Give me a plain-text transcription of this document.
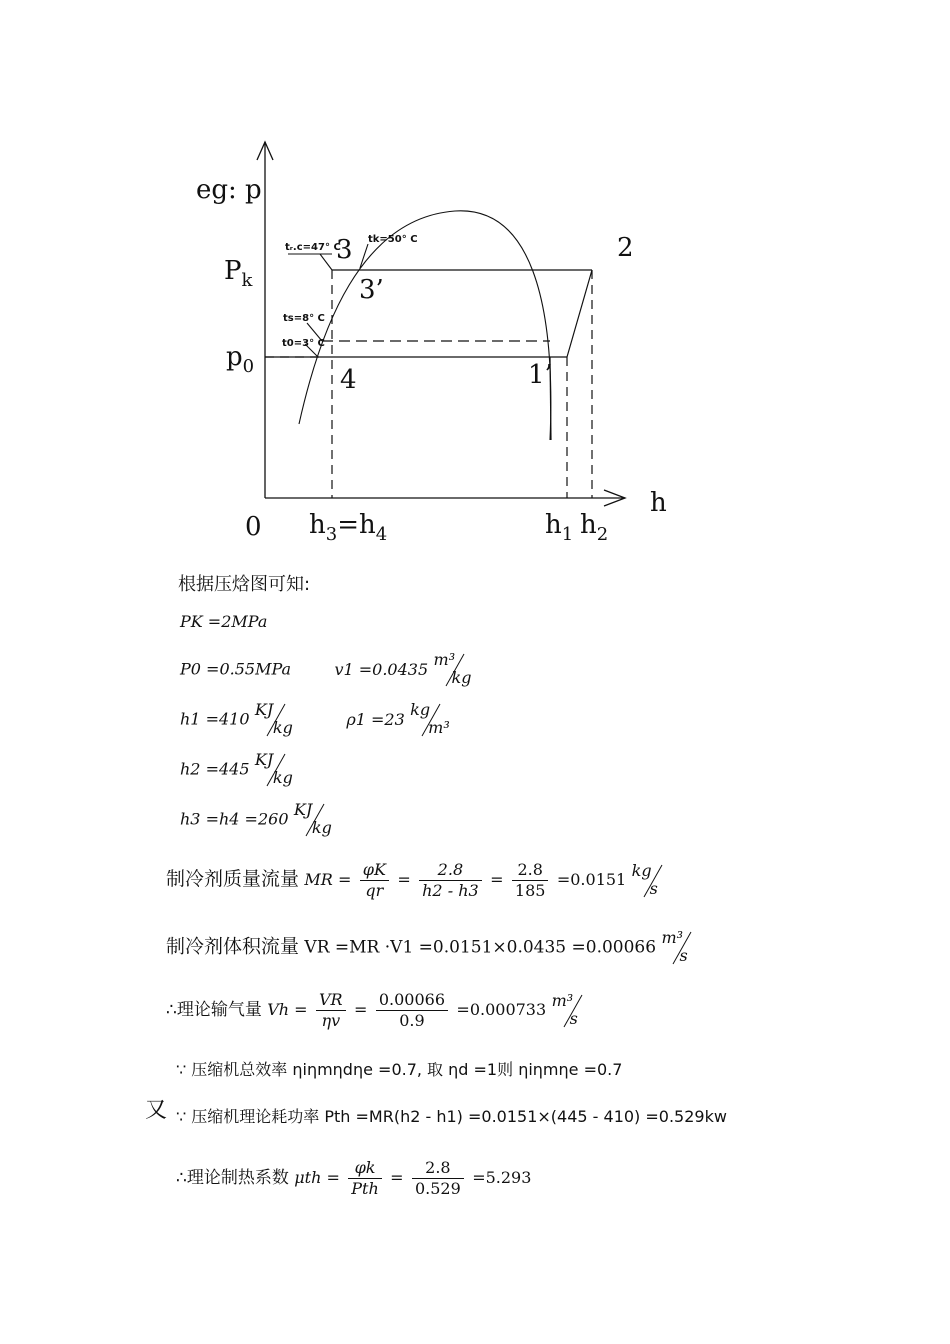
eg: p
h
0
$P_k$
$p_0$
2
3
3’
4	1’
$h_3=h_4$	$h_1$ $h_2$
tᵣ.c=47° C
tk=50° C
ts=8° C
t0=3° C
根据压焓图可知:
PK =2MPa
P0 =0.55MPa	v1 =0.0435 m³
kg
h1 =410 KJ
kg	ρ1 =23 kg
m³
h2 =445 KJ
kg
h3 =h4 =260 KJ
kg
制冷剂质量流量 MR = $\frac{\varphi K}{qr} = \frac{2.8}{h2 - h3} = \frac{2.8}{185} =0.0151$ kg
s
制冷剂体积流量 VR =MR ·V1 =0.0151×0.0435 =0.00066 m³
s
∴理论输气量 $Vh = \frac{VR}{\eta v} = \frac{0.00066}{0.9} =0.000733$ m³
s
∵ 压缩机总效率 ηiηmηdηe =0.7, 取 ηd =1则 ηiηmηe =0.7
又 ∵ 压缩机理论耗功率 Pth =MR(h2 - h1) =0.0151×(445 - 410) =0.529kw
∴理论制热系数 $\mu th = \frac{\varphi k}{\text{Pth}} = \frac{2.8}{0.529} =5.293$
